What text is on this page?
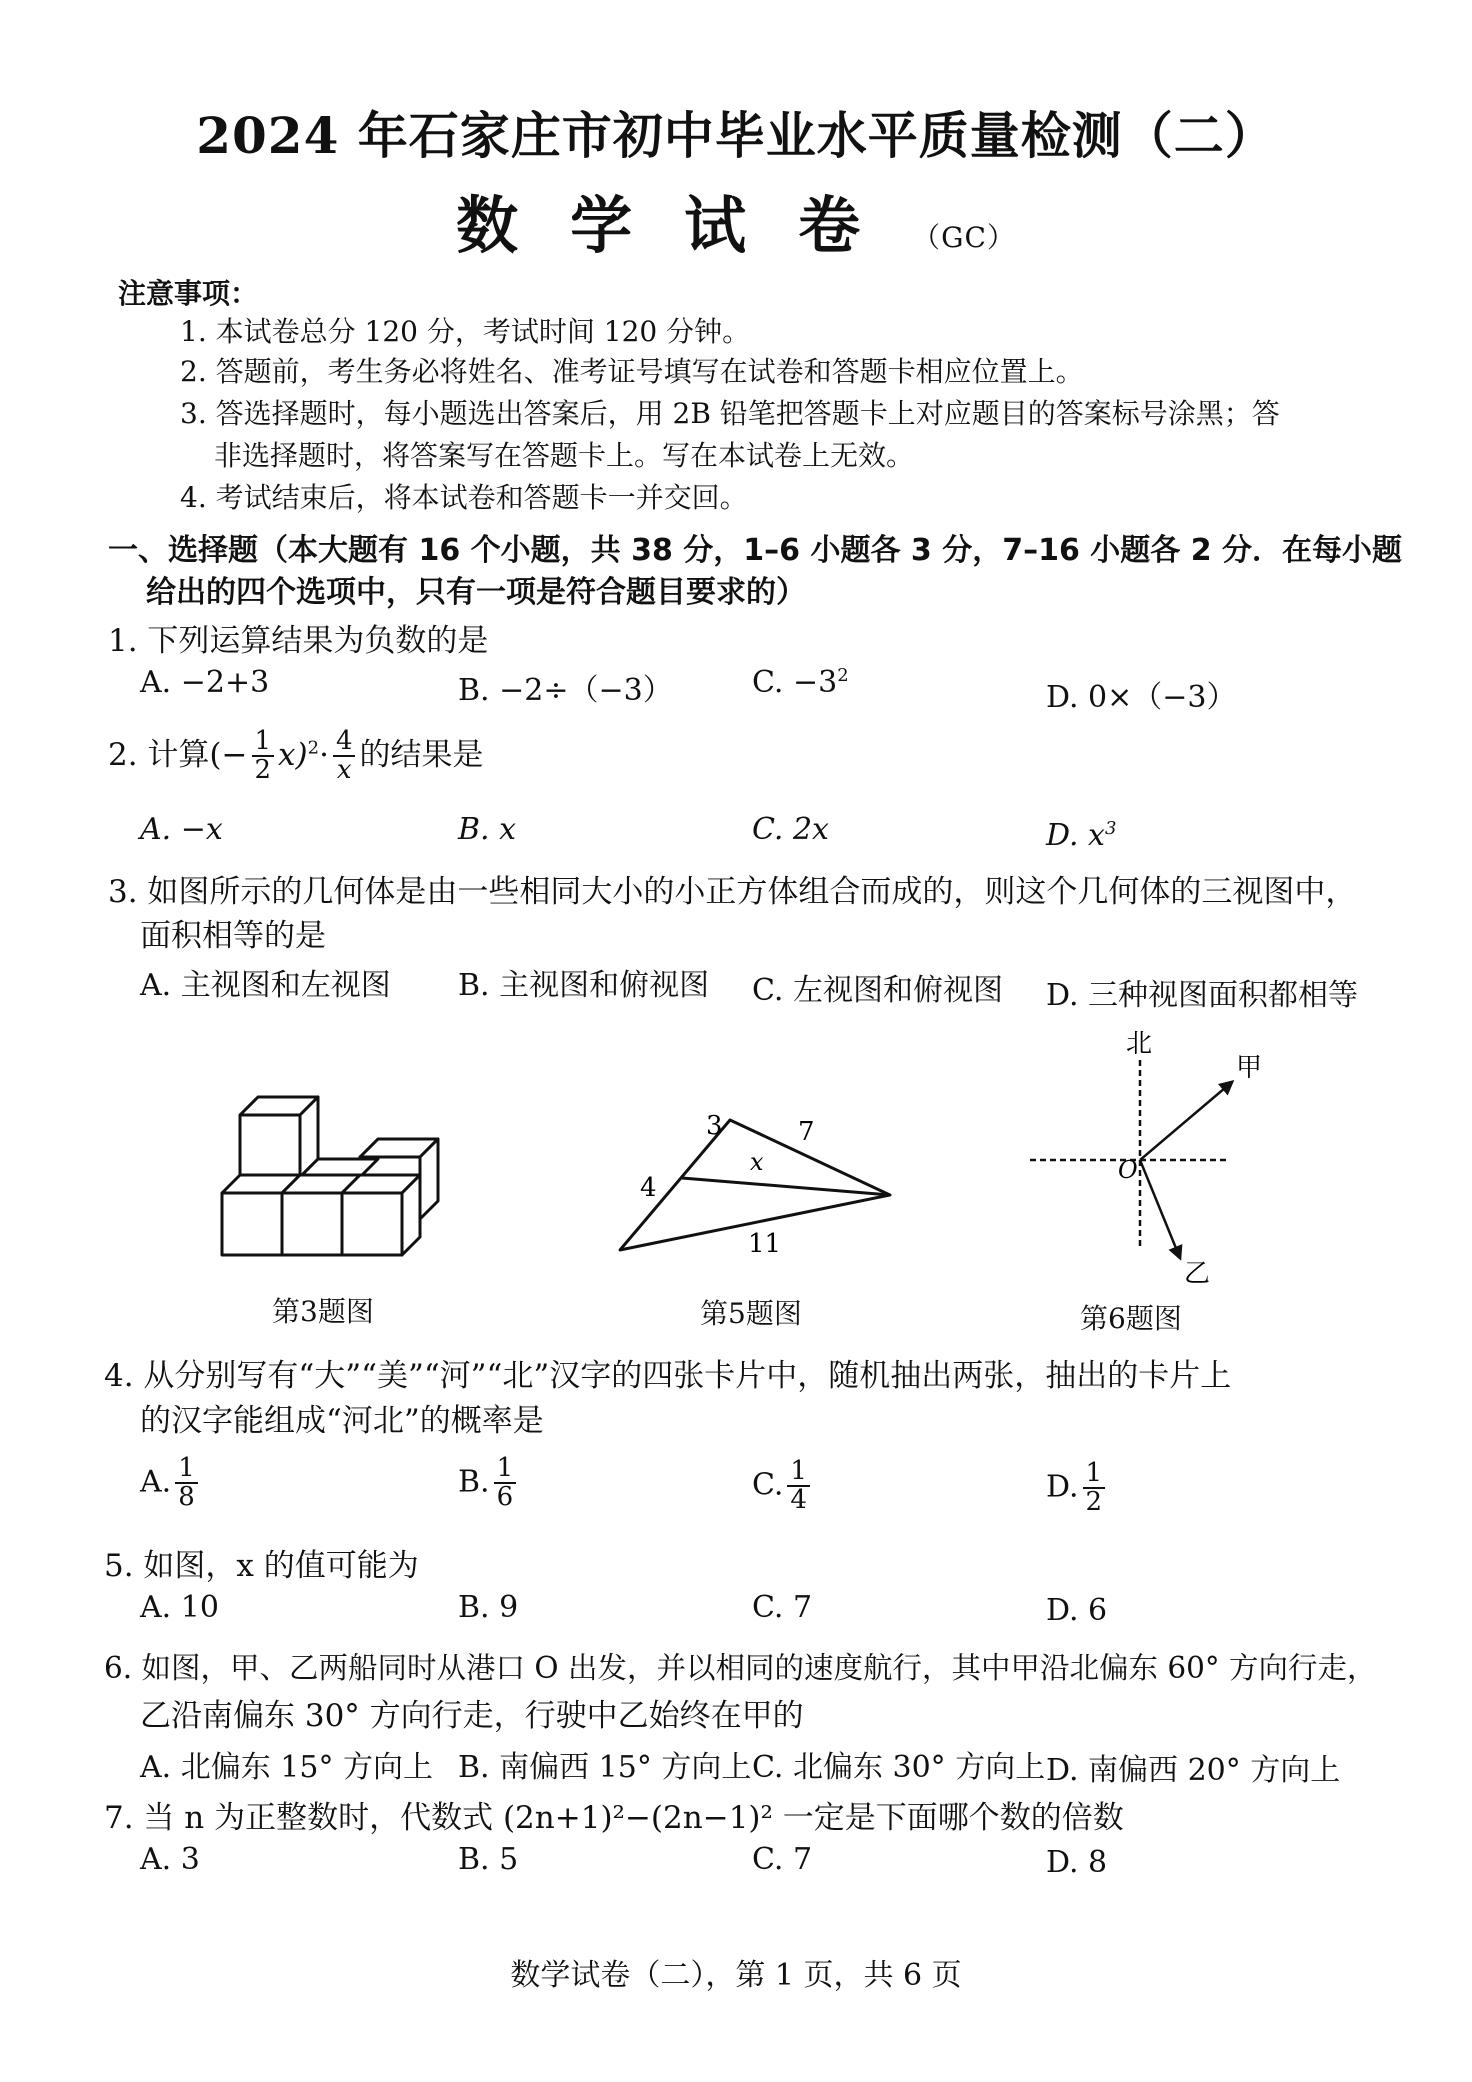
2024 年石家庄市初中毕业水平质量检测（二）
数学试卷（GC）
注意事项：
1. 本试卷总分 120 分，考试时间 120 分钟。
2. 答题前，考生务必将姓名、准考证号填写在试卷和答题卡相应位置上。
3. 答选择题时，每小题选出答案后，用 2B 铅笔把答题卡上对应题目的答案标号涂黑；答
非选择题时，将答案写在答题卡上。写在本试卷上无效。
4. 考试结束后，将本试卷和答题卡一并交回。
一、选择题（本大题有 16 个小题，共 38 分，1–6 小题各 3 分，7–16 小题各 2 分．在每小题
给出的四个选项中，只有一项是符合题目要求的）
1. 下列运算结果为负数的是
A. −2+3	B. −2÷（−3）	C. $-3^2$
D. 0×（−3）
2. 计算(− $\frac{1}{2} x)^2\cdot \frac{4}{x}$ 的结果是
A. −x	B. x	C. 2x	D. $x^3$
3. 如图所示的几何体是由一些相同大小的小正方体组合而成的，则这个几何体的三视图中，
面积相等的是
A. 主视图和左视图 B. 主视图和俯视图 C. 左视图和俯视图 D. 三种视图面积都相等
第3题图
3	7
x
4
11
第5题图
北
甲
乙
O
第6题图
4. 从分别写有“大”“美”“河”“北”汉字的四张卡片中，随机抽出两张，抽出的卡片上
的汉字能组成“河北”的概率是
A. $\frac{1}{8}$	B. $\frac{1}{6}$	C. $\frac{1}{4}$	D. $\frac{1}{2}$
5. 如图，x 的值可能为
A. 10	B. 9	C. 7	D. 6
6. 如图，甲、乙两船同时从港口 O 出发，并以相同的速度航行，其中甲沿北偏东 60° 方向行走，
乙沿南偏东 30° 方向行走，行驶中乙始终在甲的
A. 北偏东 15° 方向上 B. 南偏西 15° 方向上 C. 北偏东 30° 方向上 D. 南偏西 20° 方向上
7. 当 n 为正整数时，代数式 (2n+1)²−(2n−1)² 一定是下面哪个数的倍数
A. 3	B. 5	C. 7	D. 8
数学试卷（二），第 1 页，共 6 页
